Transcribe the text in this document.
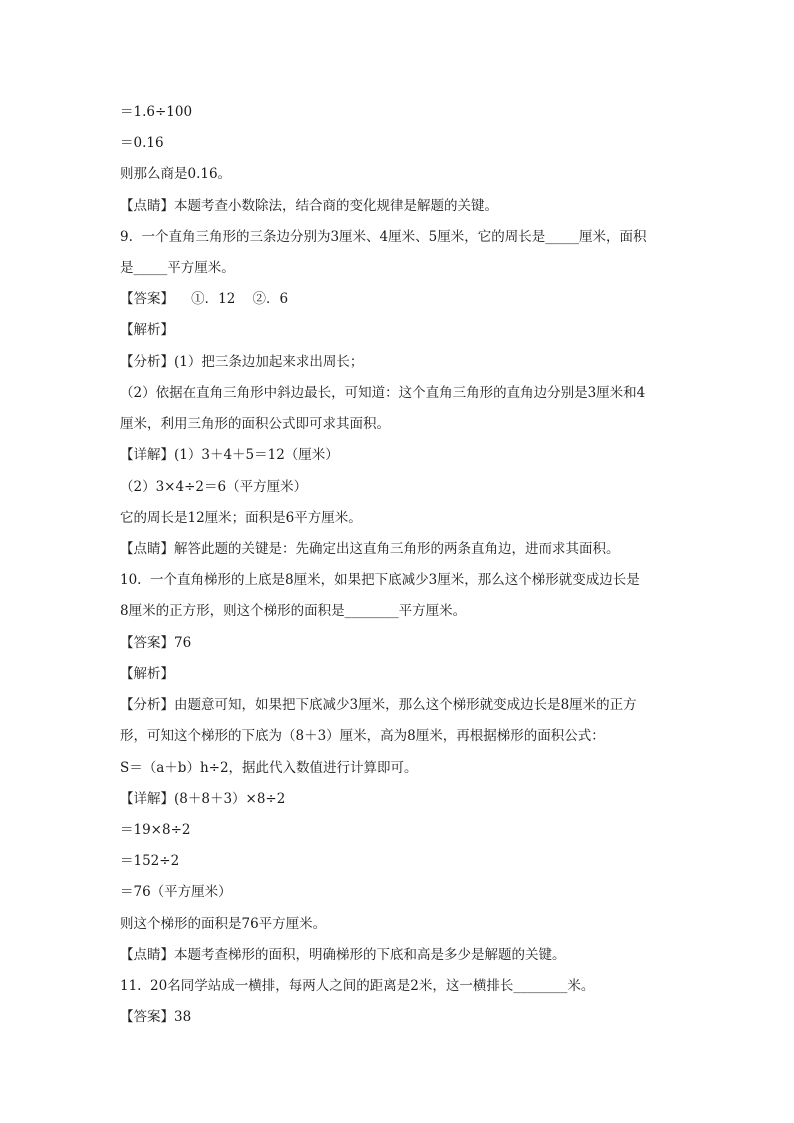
＝1.6÷100
＝0.16
则那么商是0.16。
【点睛】本题考查小数除法，结合商的变化规律是解题的关键。
9.  一个直角三角形的三条边分别为3厘米、4厘米、5厘米，它的周长是_____厘米，面积
是_____平方厘米。
【答案】    ①．12    ②．6
【解析】
【分析】(1）把三条边加起来求出周长；
（2）依据在直角三角形中斜边最长，可知道：这个直角三角形的直角边分别是3厘米和4
厘米，利用三角形的面积公式即可求其面积。
【详解】(1）3＋4＋5＝12（厘米）
（2）3×4÷2＝6（平方厘米）
它的周长是12厘米；面积是6平方厘米。
【点睛】解答此题的关键是：先确定出这直角三角形的两条直角边，进而求其面积。
10.  一个直角梯形的上底是8厘米，如果把下底减少3厘米，那么这个梯形就变成边长是
8厘米的正方形，则这个梯形的面积是________平方厘米。
【答案】76
【解析】
【分析】由题意可知，如果把下底减少3厘米，那么这个梯形就变成边长是8厘米的正方
形，可知这个梯形的下底为（8＋3）厘米，高为8厘米，再根据梯形的面积公式：
S＝（a＋b）h÷2，据此代入数值进行计算即可。
【详解】(8＋8＋3）×8÷2
＝19×8÷2
＝152÷2
＝76（平方厘米）
则这个梯形的面积是76平方厘米。
【点睛】本题考查梯形的面积，明确梯形的下底和高是多少是解题的关键。
11.  20名同学站成一横排，每两人之间的距离是2米，这一横排长________米。
【答案】38
